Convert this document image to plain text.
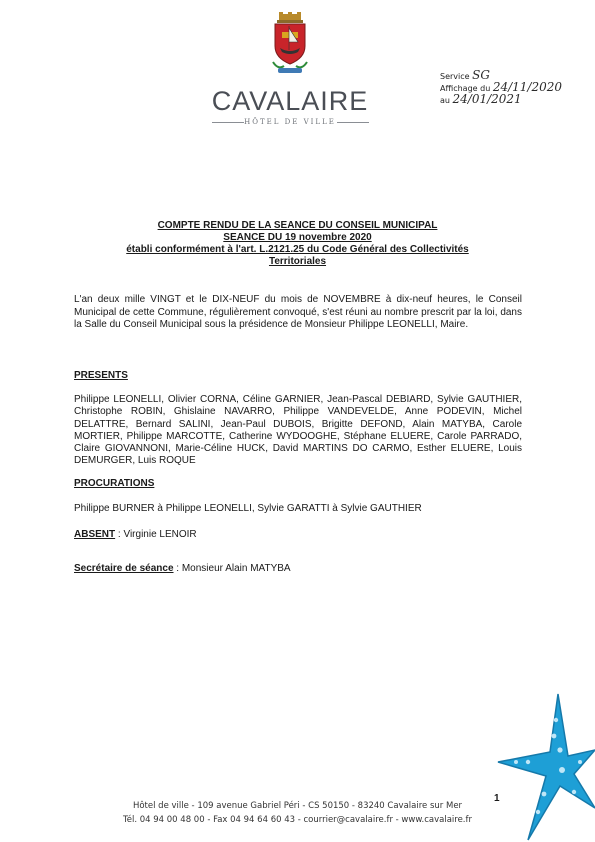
CAVALAIRE
HÔTEL DE VILLE
Service SG
Affichage du 24/11/2020
au 24/01/2021
COMPTE RENDU DE LA SEANCE DU CONSEIL MUNICIPAL
SEANCE DU 19 novembre 2020
établi conformément à l'art. L.2121.25 du Code Général des Collectivités
Territoriales
L'an deux mille VINGT et le DIX-NEUF du mois de NOVEMBRE à dix-neuf heures, le Conseil Municipal de cette Commune, régulièrement convoqué, s'est réuni au nombre prescrit par la loi, dans la Salle du Conseil Municipal sous la présidence de Monsieur Philippe LEONELLI, Maire.
PRESENTS
Philippe LEONELLI, Olivier CORNA, Céline GARNIER, Jean-Pascal DEBIARD, Sylvie GAUTHIER, Christophe ROBIN, Ghislaine NAVARRO, Philippe VANDEVELDE, Anne PODEVIN, Michel DELATTRE, Bernard SALINI, Jean-Paul DUBOIS, Brigitte DEFOND, Alain MATYBA, Carole MORTIER, Philippe MARCOTTE, Catherine WYDOOGHE, Stéphane ELUERE, Carole PARRADO, Claire GIOVANNONI, Marie-Céline HUCK, David MARTINS DO CARMO, Esther ELUERE, Louis DEMURGER, Luis ROQUE
PROCURATIONS
Philippe BURNER à Philippe LEONELLI, Sylvie GARATTI à Sylvie GAUTHIER
ABSENT : Virginie LENOIR
Secrétaire de séance : Monsieur Alain MATYBA
1
Hôtel de ville - 109 avenue Gabriel Péri - CS 50150 - 83240 Cavalaire sur Mer
Tél. 04 94 00 48 00 - Fax 04 94 64 60 43 - courrier@cavalaire.fr - www.cavalaire.fr
